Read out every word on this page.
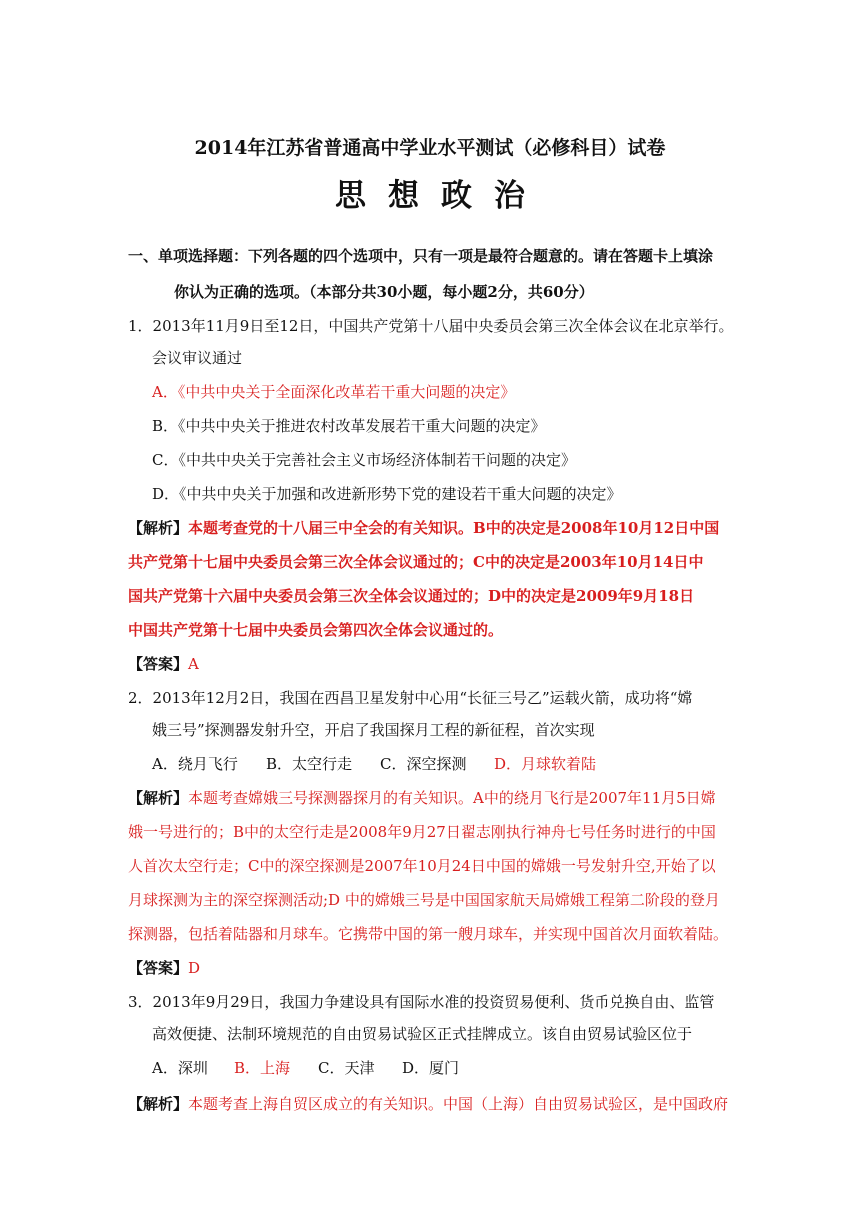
2014年江苏省普通高中学业水平测试（必修科目）试卷
思想政治
一、单项选择题：下列各题的四个选项中，只有一项是最符合题意的。请在答题卡上填涂
你认为正确的选项。（本部分共30小题，每小题2分，共60分）
1．2013年11月9日至12日，中国共产党第十八届中央委员会第三次全体会议在北京举行。
会议审议通过
A．《中共中央关于全面深化改革若干重大问题的决定》
B．《中共中央关于推进农村改革发展若干重大问题的决定》
C．《中共中央关于完善社会主义市场经济体制若干问题的决定》
D．《中共中央关于加强和改进新形势下党的建设若干重大问题的决定》
【解析】本题考查党的十八届三中全会的有关知识。B中的决定是2008年10月12日中国
共产党第十七届中央委员会第三次全体会议通过的；C中的决定是2003年10月14日中
国共产党第十六届中央委员会第三次全体会议通过的；D中的决定是2009年9月18日
中国共产党第十七届中央委员会第四次全体会议通过的。
【答案】A
2．2013年12月2日，我国在西昌卫星发射中心用“长征三号乙”运载火箭，成功将“嫦
娥三号”探测器发射升空，开启了我国探月工程的新征程，首次实现
A．绕月飞行 B．太空行走 C．深空探测 D．月球软着陆
【解析】本题考查嫦娥三号探测器探月的有关知识。A中的绕月飞行是2007年11月5日嫦
娥一号进行的；B中的太空行走是2008年9月27日翟志刚执行神舟七号任务时进行的中国
人首次太空行走；C中的深空探测是2007年10月24日中国的嫦娥一号发射升空,开始了以
月球探测为主的深空探测活动;D 中的嫦娥三号是中国国家航天局嫦娥工程第二阶段的登月
探测器，包括着陆器和月球车。它携带中国的第一艘月球车，并实现中国首次月面软着陆。
【答案】D
3．2013年9月29日，我国力争建设具有国际水准的投资贸易便利、货币兑换自由、监管
高效便捷、法制环境规范的自由贸易试验区正式挂牌成立。该自由贸易试验区位于
A．深圳 B．上海 C．天津 D．厦门
【解析】本题考查上海自贸区成立的有关知识。中国（上海）自由贸易试验区，是中国政府
